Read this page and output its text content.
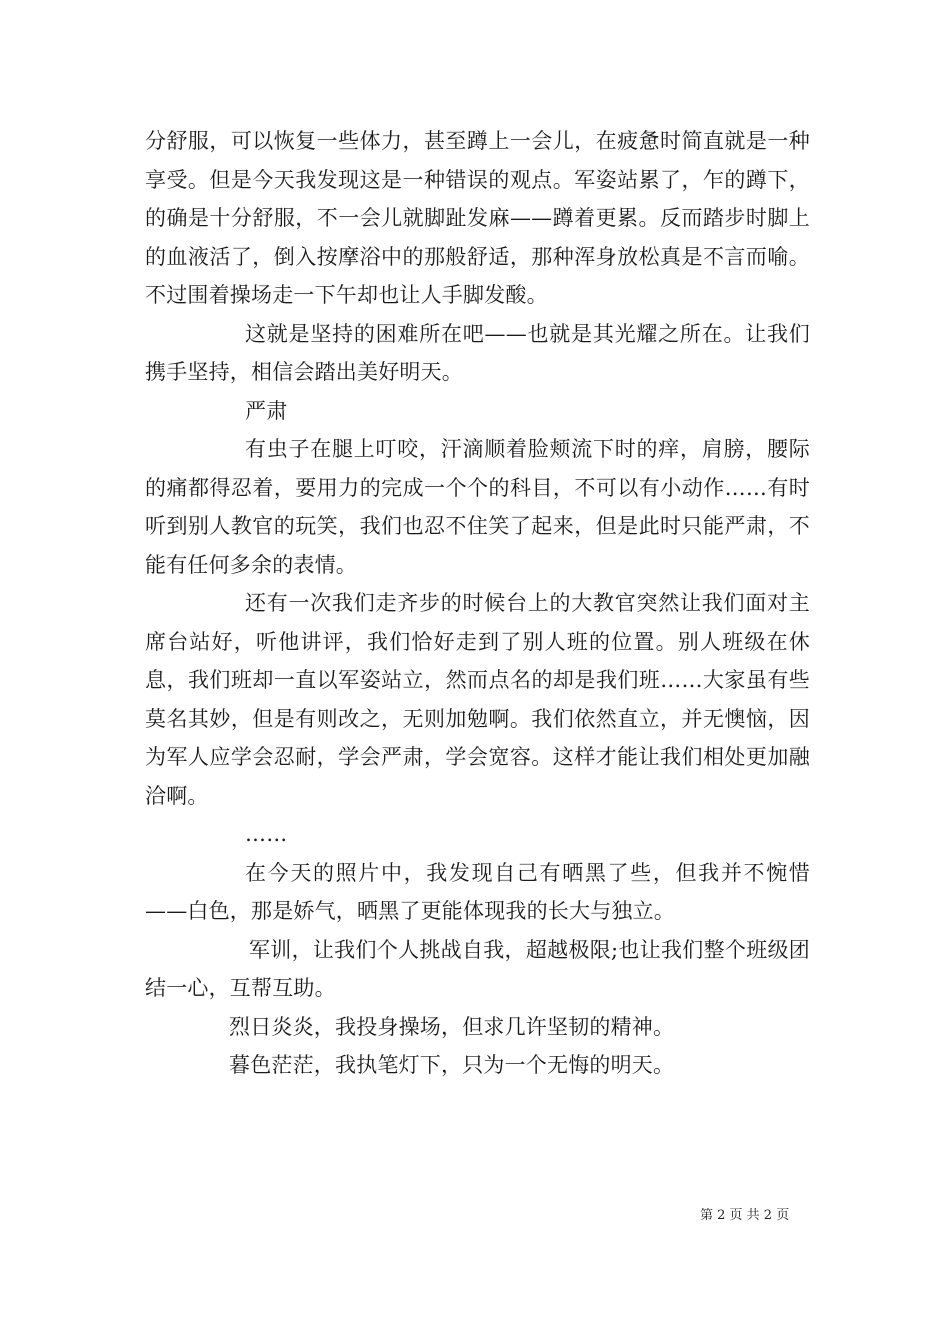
分舒服，可以恢复一些体力，甚至蹲上一会儿，在疲惫时简直就是一种享受。但是今天我发现这是一种错误的观点。军姿站累了，乍的蹲下，的确是十分舒服，不一会儿就脚趾发麻——蹲着更累。反而踏步时脚上的血液活了，倒入按摩浴中的那般舒适，那种浑身放松真是不言而喻。不过围着操场走一下午却也让人手脚发酸。

这就是坚持的困难所在吧——也就是其光耀之所在。让我们携手坚持，相信会踏出美好明天。

严肃

有虫子在腿上叮咬，汗滴顺着脸颊流下时的痒，肩膀，腰际的痛都得忍着，要用力的完成一个个的科目，不可以有小动作……有时听到别人教官的玩笑，我们也忍不住笑了起来，但是此时只能严肃，不能有任何多余的表情。

还有一次我们走齐步的时候台上的大教官突然让我们面对主席台站好，听他讲评，我们恰好走到了别人班的位置。别人班级在休息，我们班却一直以军姿站立，然而点名的却是我们班……大家虽有些莫名其妙，但是有则改之，无则加勉啊。我们依然直立，并无懊恼，因为军人应学会忍耐，学会严肃，学会宽容。这样才能让我们相处更加融洽啊。

……

在今天的照片中，我发现自己有晒黑了些，但我并不惋惜——白色，那是娇气，晒黑了更能体现我的长大与独立。

军训，让我们个人挑战自我，超越极限;也让我们整个班级团结一心，互帮互助。

烈日炎炎，我投身操场，但求几许坚韧的精神。

暮色茫茫，我执笔灯下，只为一个无悔的明天。

第 2 页 共 2 页
